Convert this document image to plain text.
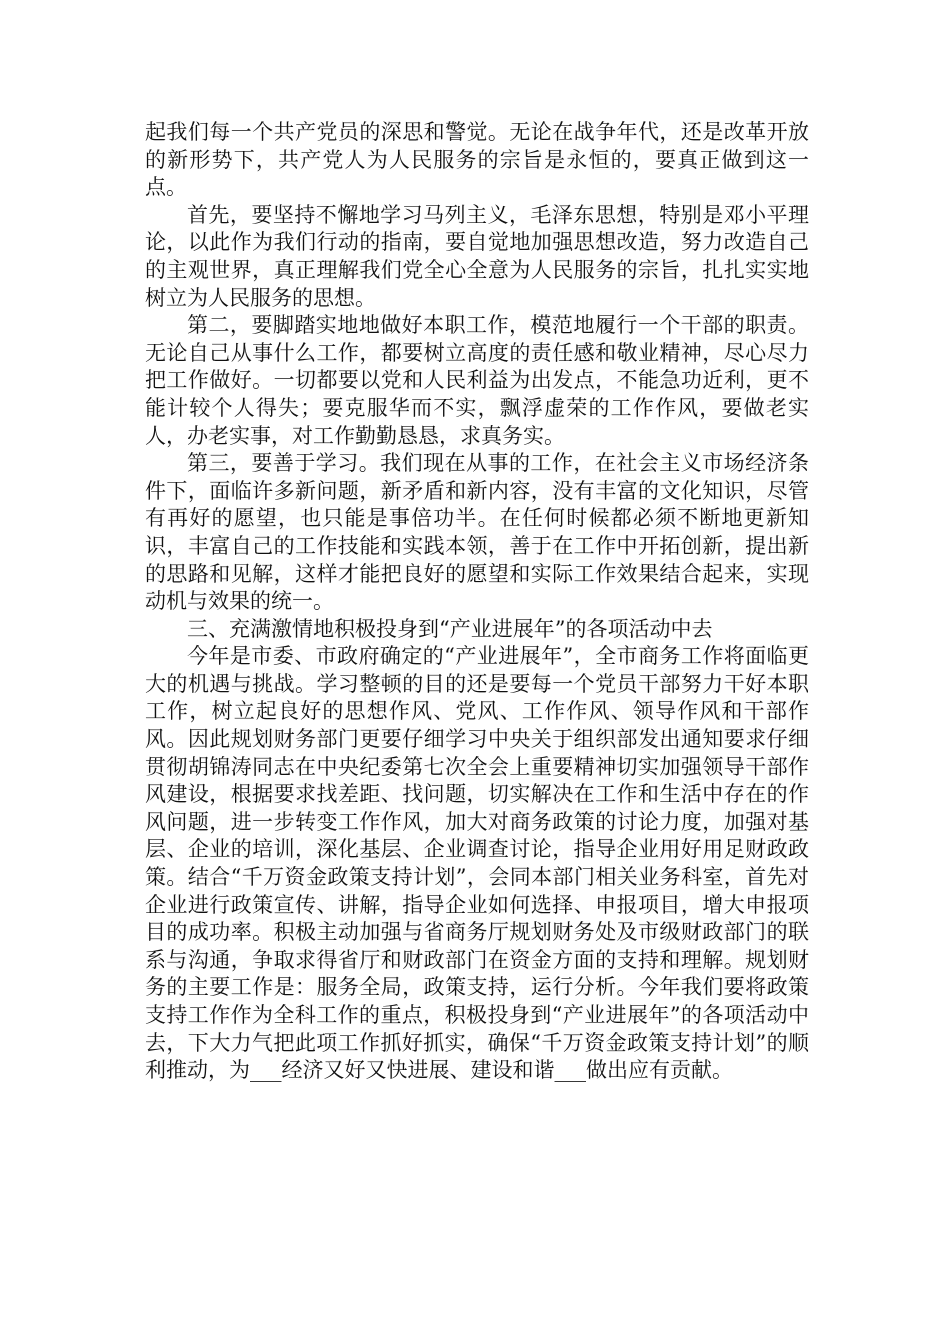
起我们每一个共产党员的深思和警觉。无论在战争年代，还是改革开放的新形势下，共产党人为人民服务的宗旨是永恒的，要真正做到这一点。

首先，要坚持不懈地学习马列主义，毛泽东思想，特别是邓小平理论，以此作为我们行动的指南，要自觉地加强思想改造，努力改造自己的主观世界，真正理解我们党全心全意为人民服务的宗旨，扎扎实实地树立为人民服务的思想。

第二，要脚踏实地地做好本职工作，模范地履行一个干部的职责。无论自己从事什么工作，都要树立高度的责任感和敬业精神，尽心尽力把工作做好。一切都要以党和人民利益为出发点，不能急功近利，更不能计较个人得失；要克服华而不实，飘浮虚荣的工作作风，要做老实人，办老实事，对工作勤勤恳恳，求真务实。

第三，要善于学习。我们现在从事的工作，在社会主义市场经济条件下，面临许多新问题，新矛盾和新内容，没有丰富的文化知识，尽管有再好的愿望，也只能是事倍功半。在任何时候都必须不断地更新知识，丰富自己的工作技能和实践本领，善于在工作中开拓创新，提出新的思路和见解，这样才能把良好的愿望和实际工作效果结合起来，实现动机与效果的统一。

三、充满激情地积极投身到“产业进展年”的各项活动中去

今年是市委、市政府确定的“产业进展年”，全市商务工作将面临更大的机遇与挑战。学习整顿的目的还是要每一个党员干部努力干好本职工作，树立起良好的思想作风、党风、工作作风、领导作风和干部作风。因此规划财务部门更要仔细学习中央关于组织部发出通知要求仔细贯彻胡锦涛同志在中央纪委第七次全会上重要精神切实加强领导干部作风建设，根据要求找差距、找问题，切实解决在工作和生活中存在的作风问题，进一步转变工作作风，加大对商务政策的讨论力度，加强对基层、企业的培训，深化基层、企业调查讨论，指导企业用好用足财政政策。结合“千万资金政策支持计划”，会同本部门相关业务科室，首先对企业进行政策宣传、讲解，指导企业如何选择、申报项目，增大申报项目的成功率。积极主动加强与省商务厅规划财务处及市级财政部门的联系与沟通，争取求得省厅和财政部门在资金方面的支持和理解。规划财务的主要工作是：服务全局，政策支持，运行分析。今年我们要将政策支持工作作为全科工作的重点，积极投身到“产业进展年”的各项活动中去，下大力气把此项工作抓好抓实，确保“千万资金政策支持计划”的顺利推动，为___经济又好又快进展、建设和谐___做出应有贡献。
